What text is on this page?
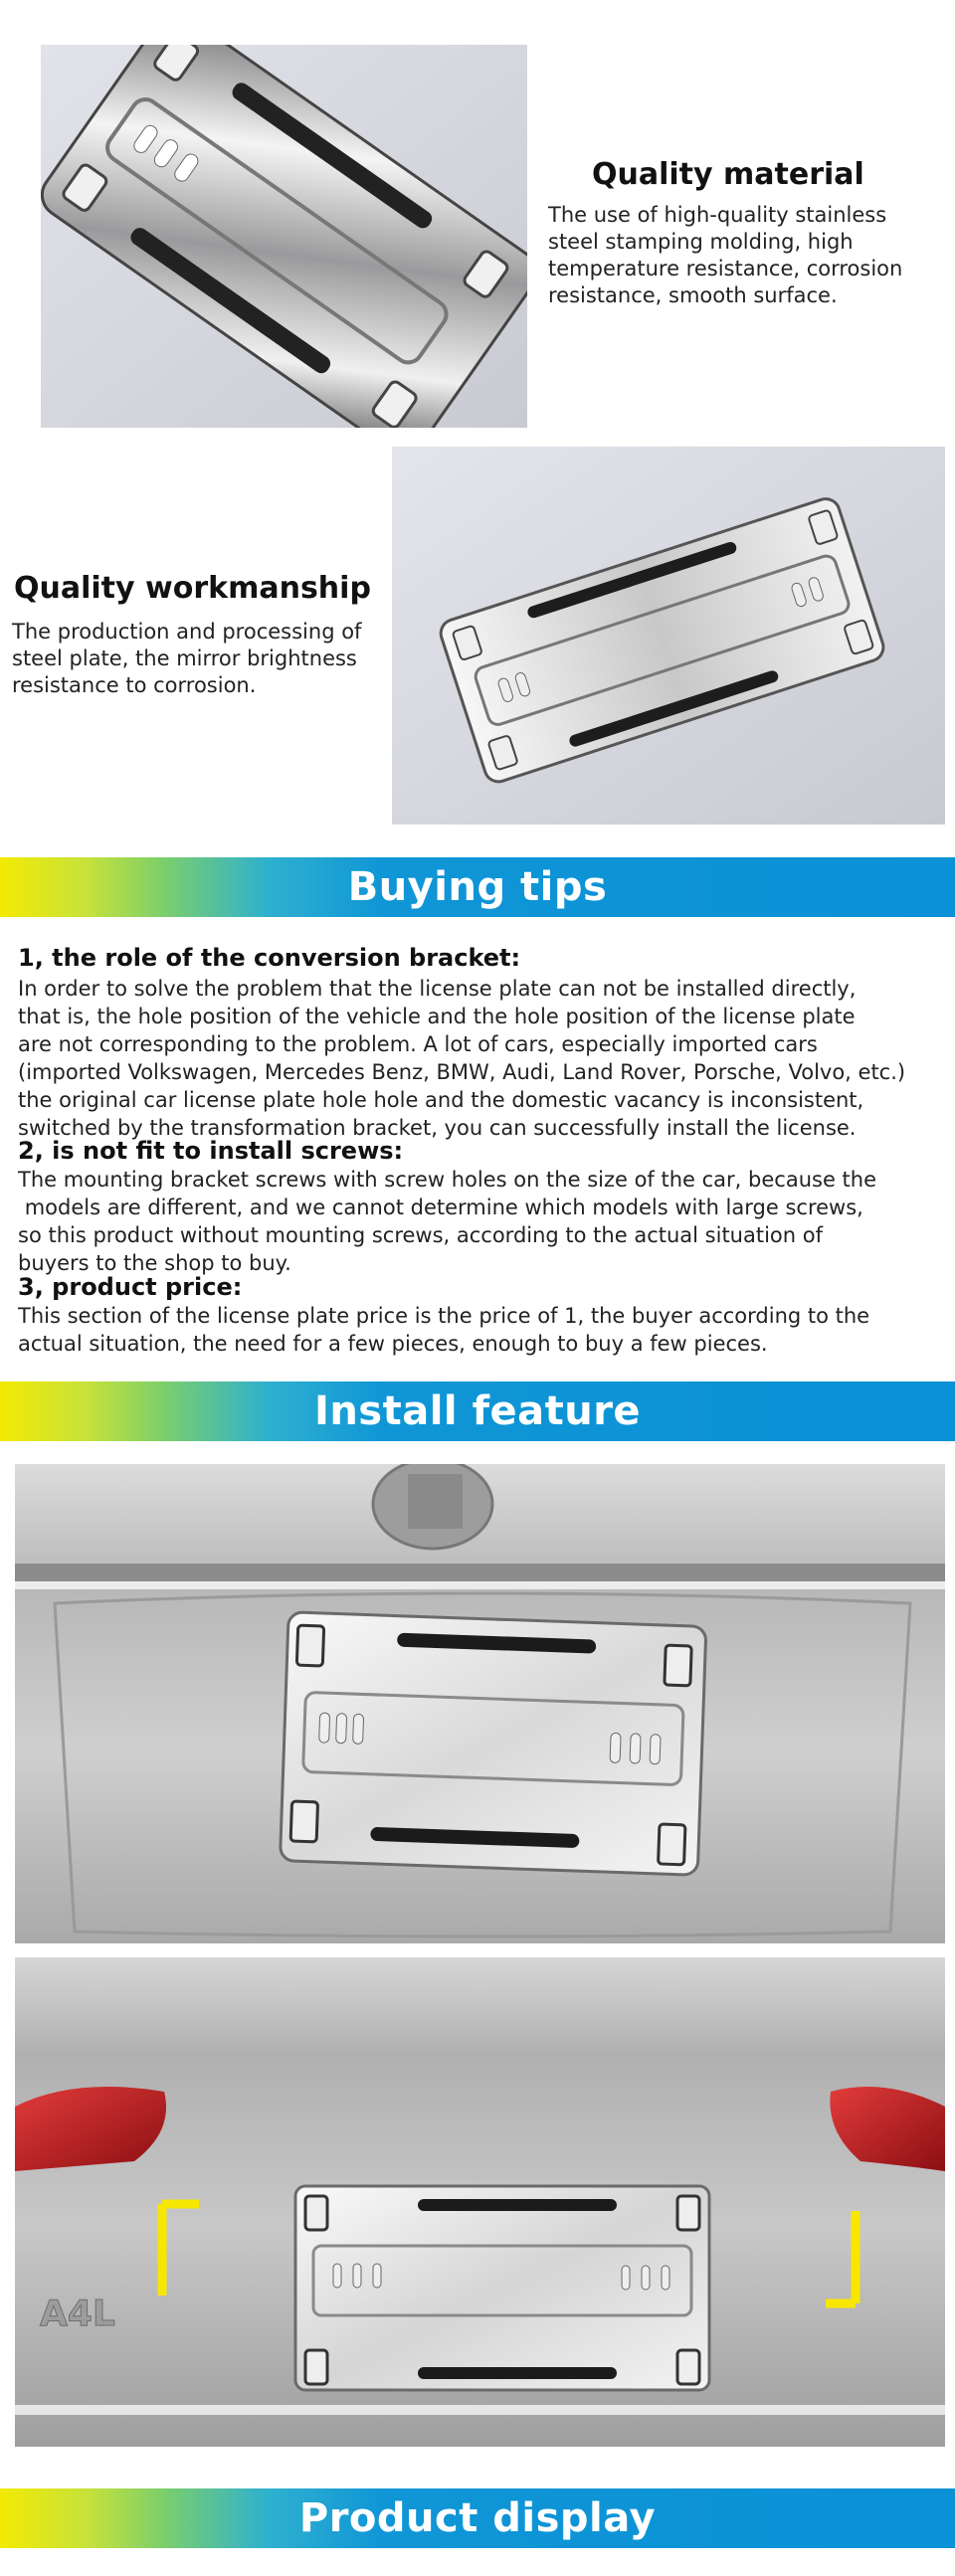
Quality material
The use of high-quality stainless steel stamping molding, high temperature resistance, corrosion resistance, smooth surface.
Quality workmanship
The production and processing of steel plate, the mirror brightness resistance to corrosion.
Buying tips
1, the role of the conversion bracket:
In order to solve the problem that the license plate can not be installed directly,
that is, the hole position of the vehicle and the hole position of the license plate
are not corresponding to the problem. A lot of cars, especially imported cars
(imported Volkswagen, Mercedes Benz, BMW, Audi, Land Rover, Porsche, Volvo, etc.)
the original car license plate hole hole and the domestic vacancy is inconsistent,
switched by the transformation bracket, you can successfully install the license.
2, is not fit to install screws:
The mounting bracket screws with screw holes on the size of the car, because the
models are different, and we cannot determine which models with large screws,
so this product without mounting screws, according to the actual situation of
buyers to the shop to buy.
3, product price:
This section of the license plate price is the price of 1, the buyer according to the
actual situation, the need for a few pieces, enough to buy a few pieces.
Install feature
A4L
Product display
